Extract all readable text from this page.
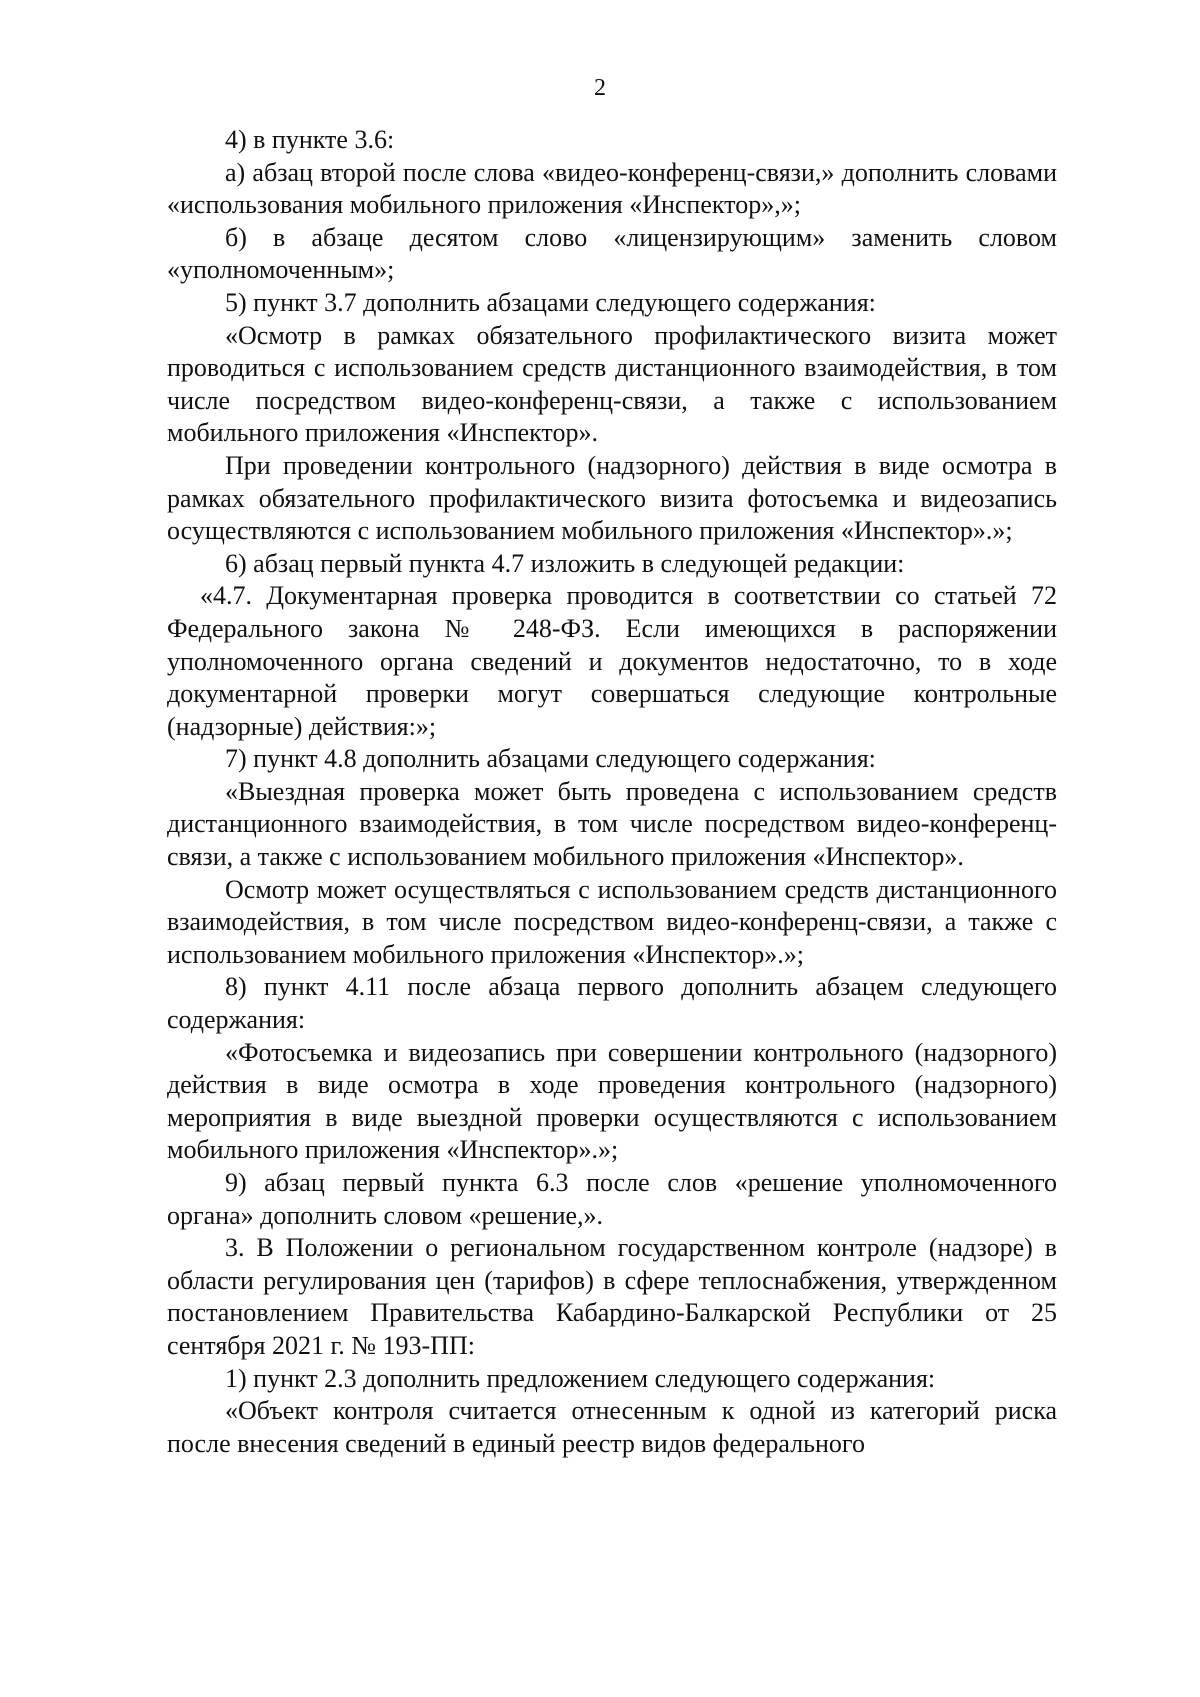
2

4) в пункте 3.6:

а) абзац второй после слова «видео-конференц-связи,» дополнить словами «использования мобильного приложения «Инспектор»,»;

б) в абзаце десятом слово «лицензирующим» заменить словом «уполномоченным»;

5) пункт 3.7 дополнить абзацами следующего содержания:

«Осмотр в рамках обязательного профилактического визита может проводиться с использованием средств дистанционного взаимодействия, в том числе посредством видео-конференц-связи, а также с использованием мобильного приложения «Инспектор».

При проведении контрольного (надзорного) действия в виде осмотра в рамках обязательного профилактического визита фотосъемка и видеозапись осуществляются с использованием мобильного приложения «Инспектор».»;

6) абзац первый пункта 4.7 изложить в следующей редакции:

«4.7. Документарная проверка проводится в соответствии со статьей 72 Федерального закона № 248-ФЗ. Если имеющихся в распоряжении уполномоченного органа сведений и документов недостаточно, то в ходе документарной проверки могут совершаться следующие контрольные (надзорные) действия:»;

7) пункт 4.8 дополнить абзацами следующего содержания:

«Выездная проверка может быть проведена с использованием средств дистанционного взаимодействия, в том числе посредством видео-конференц-связи, а также с использованием мобильного приложения «Инспектор».

Осмотр может осуществляться с использованием средств дистанционного взаимодействия, в том числе посредством видео-конференц-связи, а также с использованием мобильного приложения «Инспектор».»;

8) пункт 4.11 после абзаца первого дополнить абзацем следующего содержания:

«Фотосъемка и видеозапись при совершении контрольного (надзорного) действия в виде осмотра в ходе проведения контрольного (надзорного) мероприятия в виде выездной проверки осуществляются с использованием мобильного приложения «Инспектор».»;

9) абзац первый пункта 6.3 после слов «решение уполномоченного органа» дополнить словом «решение,».

3. В Положении о региональном государственном контроле (надзоре) в области регулирования цен (тарифов) в сфере теплоснабжения, утвержденном постановлением Правительства Кабардино-Балкарской Республики от 25 сентября 2021 г. № 193-ПП:

1) пункт 2.3 дополнить предложением следующего содержания:

«Объект контроля считается отнесенным к одной из категорий риска после внесения сведений в единый реестр видов федерального
